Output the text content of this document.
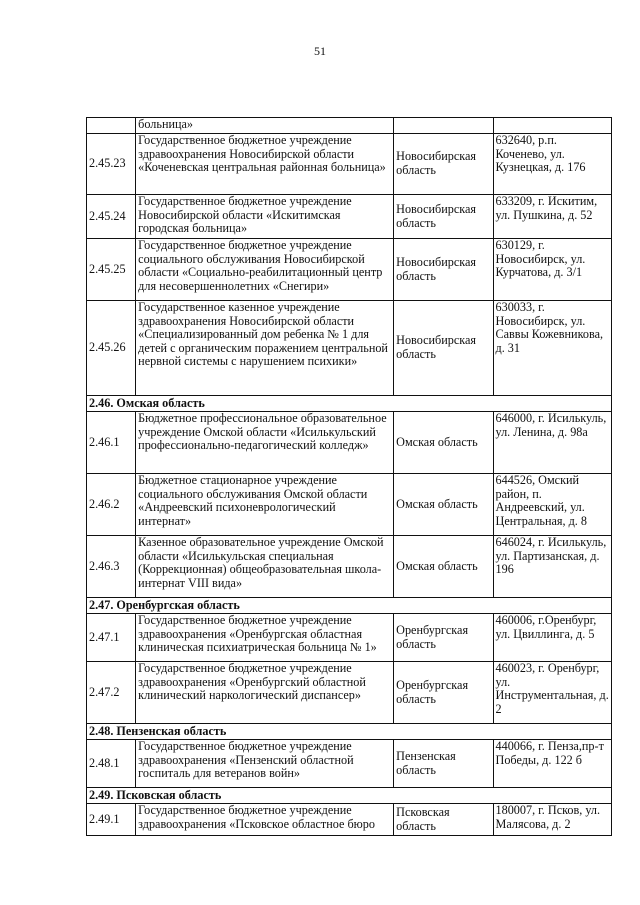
51
	больница»		
2.45.23	Государственное бюджетное учреждение здравоохранения Новосибирской области «Коченевская центральная районная больница»	Новосибирская область	632640, р.п. Коченево, ул. Кузнецкая, д. 176
2.45.24	Государственное бюджетное учреждение Новосибирской области «Искитимская городская больница»	Новосибирская область	633209, г. Искитим, ул. Пушкина, д. 52
2.45.25	Государственное бюджетное учреждение социального обслуживания Новосибирской области «Социально-реабилитационный центр для несовершеннолетних «Снегири»	Новосибирская область	630129, г. Новосибирск, ул. Курчатова, д. 3/1
2.45.26	Государственное казенное учреждение здравоохранения Новосибирской области «Специализированный дом ребенка № 1 для детей с органическим поражением центральной нервной системы с нарушением психики»	Новосибирская область	630033, г. Новосибирск, ул. Саввы Кожевникова, д. 31
2.46. Омская область			
2.46.1	Бюджетное профессиональное образовательное учреждение Омской области «Исилькульский профессионально-педагогический колледж»	Омская область	646000, г. Исилькуль, ул. Ленина, д. 98а
2.46.2	Бюджетное стационарное учреждение социального обслуживания Омской области «Андреевский психоневрологический интернат»	Омская область	644526, Омский район, п. Андреевский, ул. Центральная, д. 8
2.46.3	Казенное образовательное учреждение Омской области «Исилькульская специальная (Коррекционная) общеобразовательная школа-интернат VIII вида»	Омская область	646024, г. Исилькуль, ул. Партизанская, д. 196
2.47. Оренбургская область			
2.47.1	Государственное бюджетное учреждение здравоохранения «Оренбургская областная клиническая психиатрическая больница № 1»	Оренбургская область	460006, г.Оренбург, ул. Цвиллинга, д. 5
2.47.2	Государственное бюджетное учреждение здравоохранения «Оренбургский областной клинический наркологический диспансер»	Оренбургская область	460023, г. Оренбург, ул. Инструментальная, д. 2
2.48. Пензенская область			
2.48.1	Государственное бюджетное учреждение здравоохранения «Пензенский областной госпиталь для ветеранов войн»	Пензенская область	440066, г. Пенза,пр-т Победы, д. 122 б
2.49. Псковская область			
2.49.1	Государственное бюджетное учреждение здравоохранения «Псковское областное бюро	Псковская область	180007, г. Псков, ул. Малясова, д. 2
